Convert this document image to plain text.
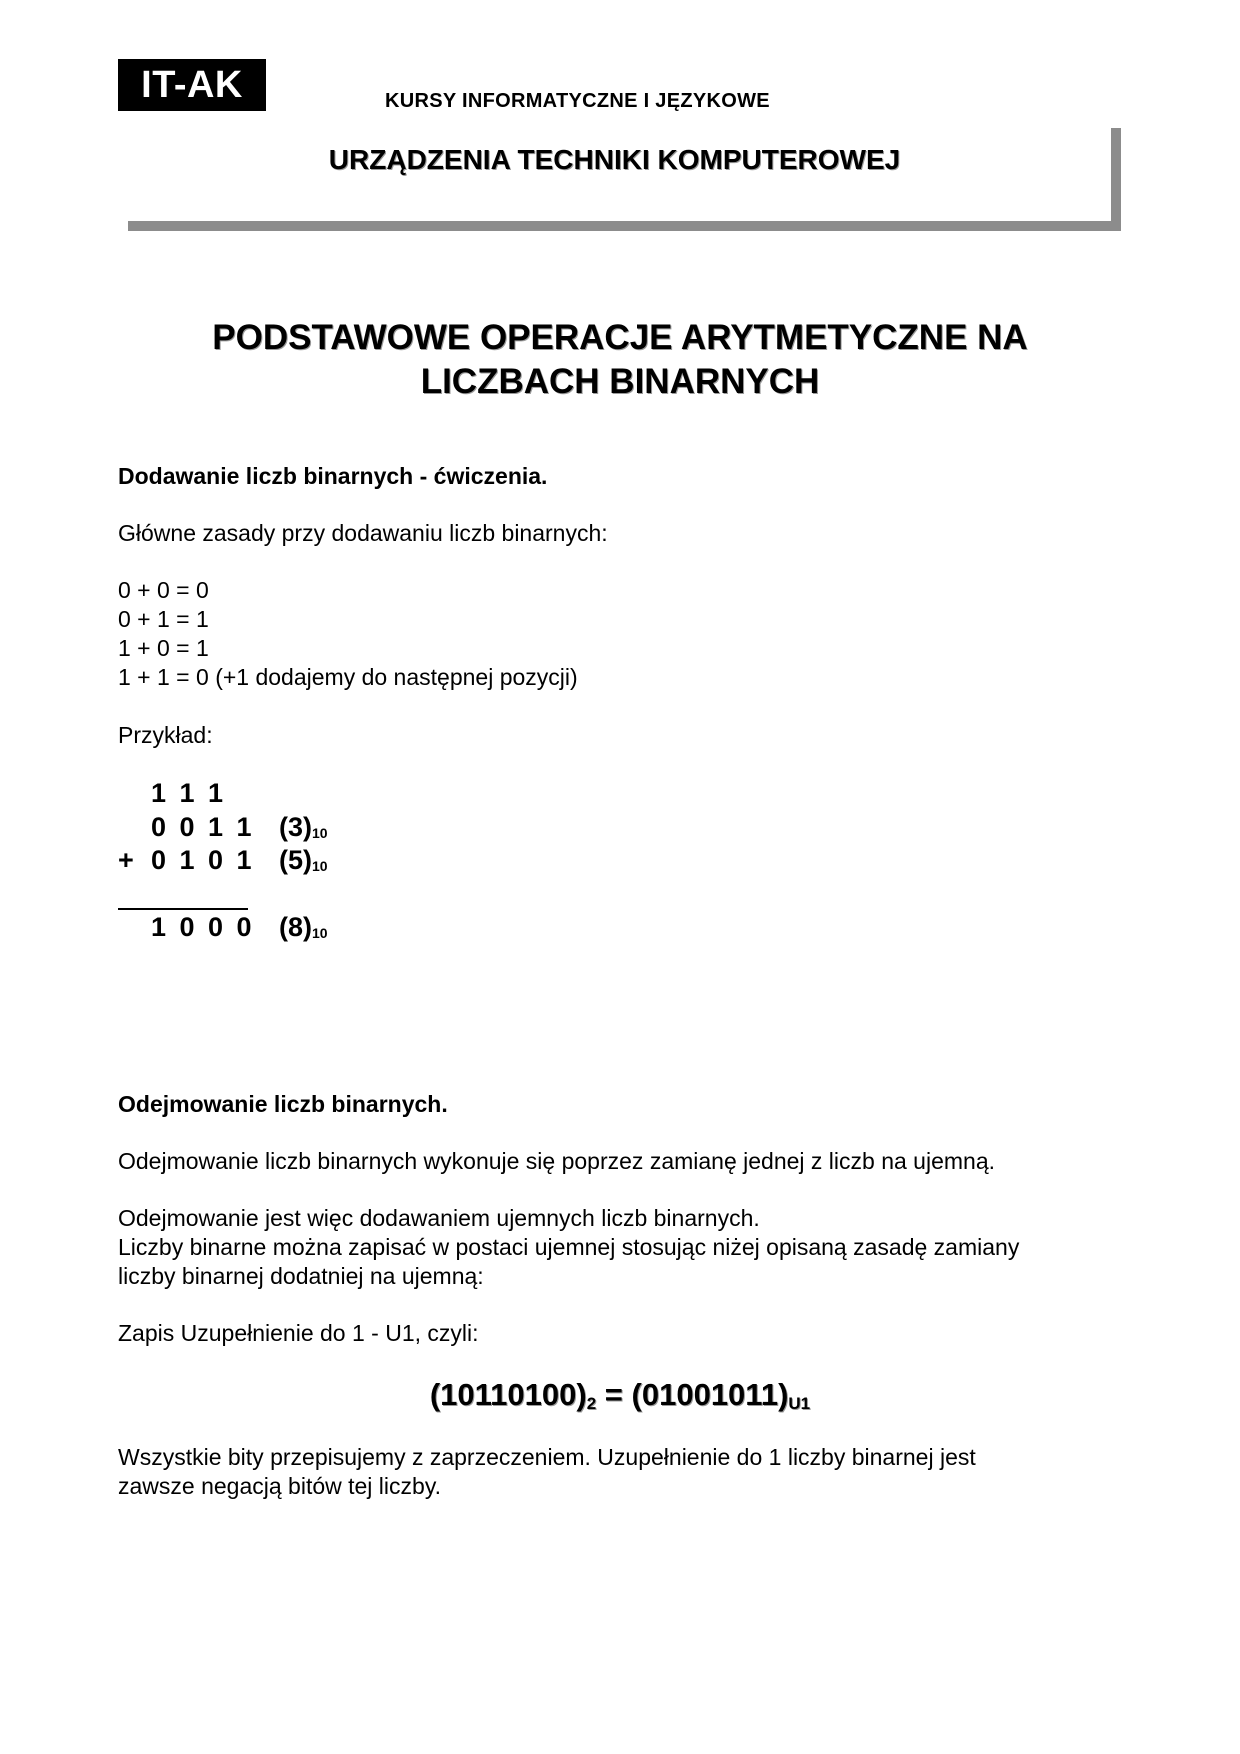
IT-AK	KURSY INFORMATYCZNE I JĘZYKOWE
URZĄDZENIA TECHNIKI KOMPUTEROWEJ
PODSTAWOWE OPERACJE ARYTMETYCZNE NA
LICZBACH BINARNYCH
Dodawanie liczb binarnych - ćwiczenia.
Główne zasady przy dodawaniu liczb binarnych:
0 + 0 = 0
0 + 1 = 1
1 + 0 = 1
1 + 1 = 0 (+1 dodajemy do następnej pozycji)
Przykład:
1 1 1
0 0 1 1 $(3)_{10}$
+ 0 1 0 1 $(5)_{10}$
1 0 0 0 $(8)_{10}$
Odejmowanie liczb binarnych.
Odejmowanie liczb binarnych wykonuje się poprzez zamianę jednej z liczb na ujemną.
Odejmowanie jest więc dodawaniem ujemnych liczb binarnych.
Liczby binarne można zapisać w postaci ujemnej stosując niżej opisaną zasadę zamiany
liczby binarnej dodatniej na ujemną:
Zapis Uzupełnienie do 1 - U1, czyli:
$(10110100)_2 = (01001011)_{U1}$
Wszystkie bity przepisujemy z zaprzeczeniem. Uzupełnienie do 1 liczby binarnej jest
zawsze negacją bitów tej liczby.
